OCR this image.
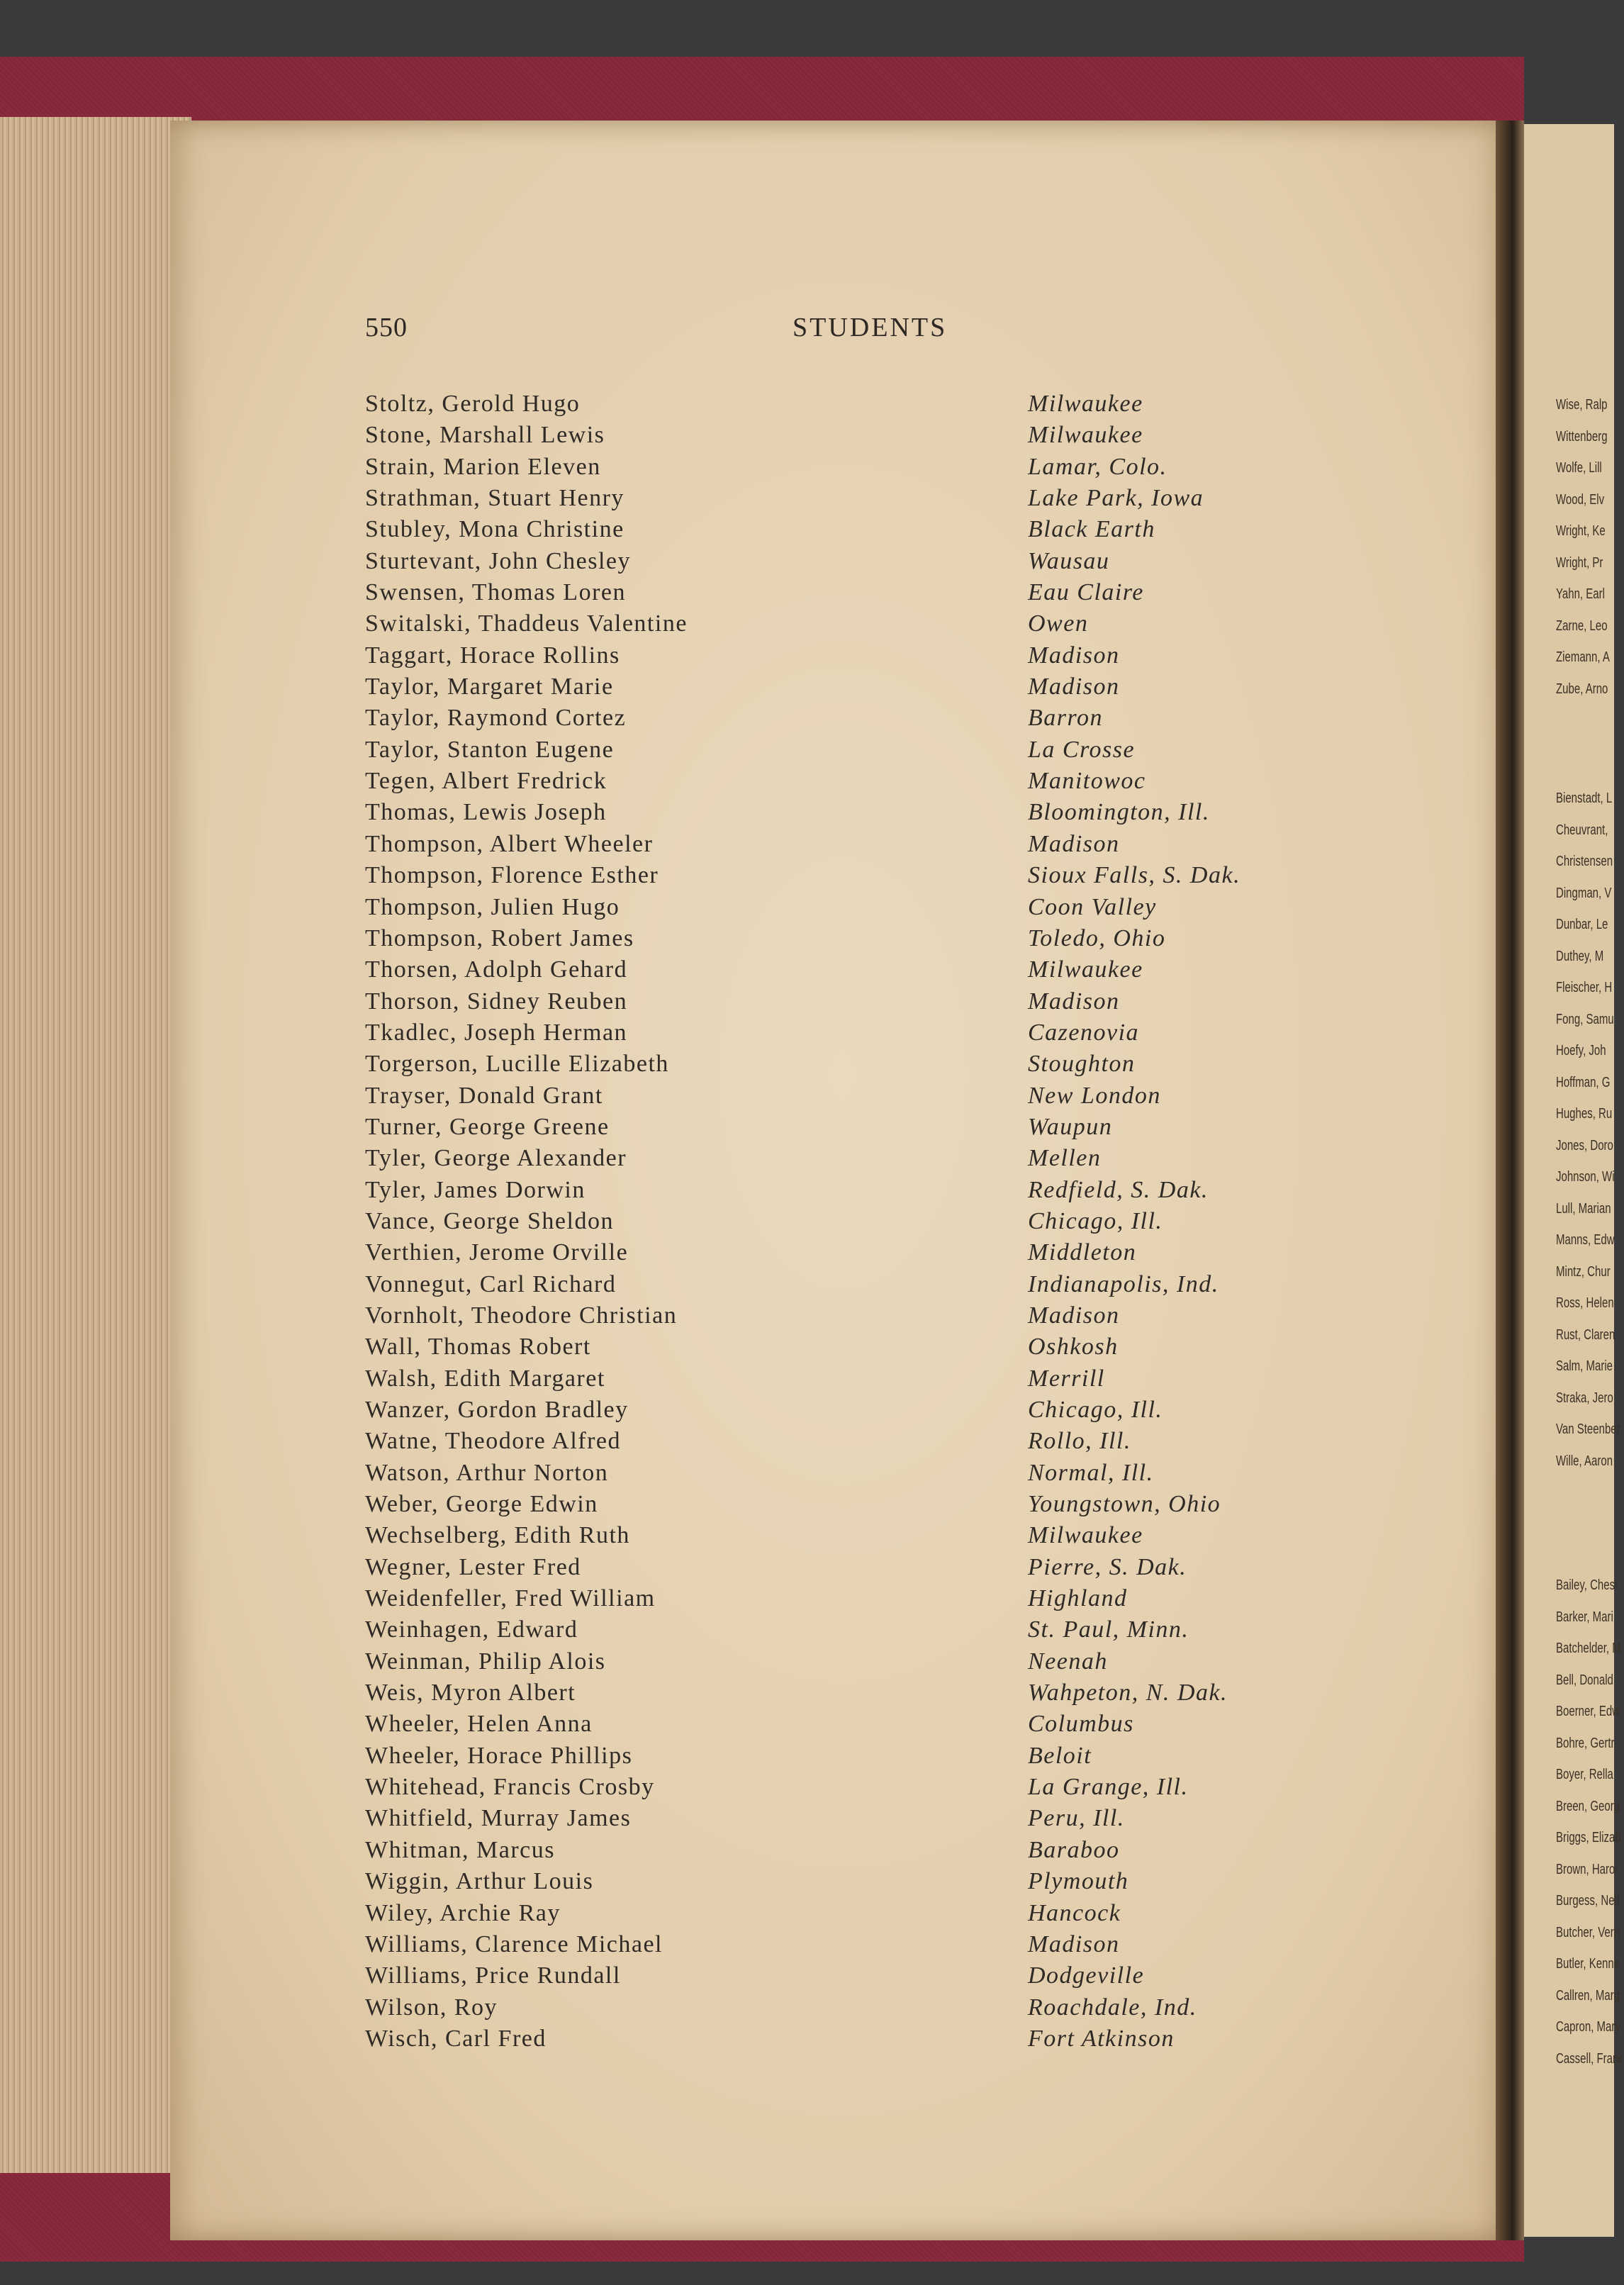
Wise, Ralp
Wittenberg
Wolfe, Lill
Wood, Elv
Wright, Ke
Wright, Pr
Yahn, Earl
Zarne, Leo
Ziemann, A
Zube, Arno
Bienstadt, L
Cheuvrant,
Christensen
Dingman, V
Dunbar, Le
Duthey, M
Fleischer, H
Fong, Samu
Hoefy, Joh
Hoffman, G
Hughes, Ru
Jones, Doro
Johnson, Wi
Lull, Marian
Manns, Edw
Mintz, Chur
Ross, Helen
Rust, Claren
Salm, Marie
Straka, Jero
Van Steenber
Wille, Aaron
Bailey, Chest
Barker, Mari
Batchelder, M
Bell, Donald
Boerner, Edw
Bohre, Gertr
Boyer, Rella
Breen, Georg
Briggs, Elizab
Brown, Harol
Burgess, Nell
Butcher, Vern
Butler, Kenne
Callren, Marg
Capron, Mary
Cassell, Franc
550	STUDENTS
Stoltz, Gerold Hugo	Milwaukee
Stone, Marshall Lewis	Milwaukee
Strain, Marion Eleven	Lamar, Colo.
Strathman, Stuart Henry	Lake Park, Iowa
Stubley, Mona Christine	Black Earth
Sturtevant, John Chesley	Wausau
Swensen, Thomas Loren	Eau Claire
Switalski, Thaddeus Valentine	Owen
Taggart, Horace Rollins	Madison
Taylor, Margaret Marie	Madison
Taylor, Raymond Cortez	Barron
Taylor, Stanton Eugene	La Crosse
Tegen, Albert Fredrick	Manitowoc
Thomas, Lewis Joseph	Bloomington, Ill.
Thompson, Albert Wheeler	Madison
Thompson, Florence Esther	Sioux Falls, S. Dak.
Thompson, Julien Hugo	Coon Valley
Thompson, Robert James	Toledo, Ohio
Thorsen, Adolph Gehard	Milwaukee
Thorson, Sidney Reuben	Madison
Tkadlec, Joseph Herman	Cazenovia
Torgerson, Lucille Elizabeth	Stoughton
Trayser, Donald Grant	New London
Turner, George Greene	Waupun
Tyler, George Alexander	Mellen
Tyler, James Dorwin	Redfield, S. Dak.
Vance, George Sheldon	Chicago, Ill.
Verthien, Jerome Orville	Middleton
Vonnegut, Carl Richard	Indianapolis, Ind.
Vornholt, Theodore Christian	Madison
Wall, Thomas Robert	Oshkosh
Walsh, Edith Margaret	Merrill
Wanzer, Gordon Bradley	Chicago, Ill.
Watne, Theodore Alfred	Rollo, Ill.
Watson, Arthur Norton	Normal, Ill.
Weber, George Edwin	Youngstown, Ohio
Wechselberg, Edith Ruth	Milwaukee
Wegner, Lester Fred	Pierre, S. Dak.
Weidenfeller, Fred William	Highland
Weinhagen, Edward	St. Paul, Minn.
Weinman, Philip Alois	Neenah
Weis, Myron Albert	Wahpeton, N. Dak.
Wheeler, Helen Anna	Columbus
Wheeler, Horace Phillips	Beloit
Whitehead, Francis Crosby	La Grange, Ill.
Whitfield, Murray James	Peru, Ill.
Whitman, Marcus	Baraboo
Wiggin, Arthur Louis	Plymouth
Wiley, Archie Ray	Hancock
Williams, Clarence Michael	Madison
Williams, Price Rundall	Dodgeville
Wilson, Roy	Roachdale, Ind.
Wisch, Carl Fred	Fort Atkinson
